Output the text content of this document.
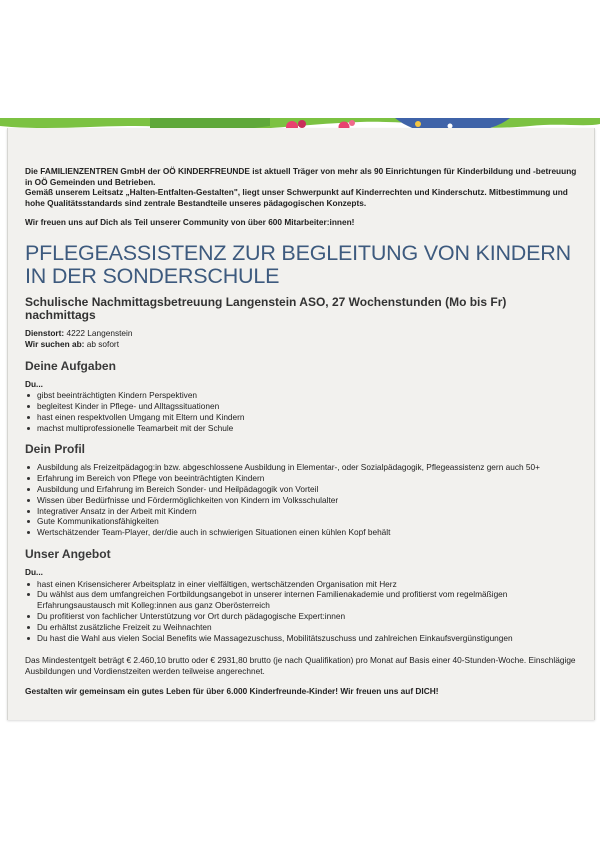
Die FAMILIENZENTREN GmbH der OÖ KINDERFREUNDE ist aktuell Träger von mehr als 90 Einrichtungen für Kinderbildung und -betreuung in OÖ Gemeinden und Betrieben.

Gemäß unserem Leitsatz „Halten-Entfalten-Gestalten", liegt unser Schwerpunkt auf Kinderrechten und Kinderschutz. Mitbestimmung und hohe Qualitätsstandards sind zentrale Bestandteile unseres pädagogischen Konzepts.

Wir freuen uns auf Dich als Teil unserer Community von über 600 Mitarbeiter:innen!

PFLEGEASSISTENZ ZUR BEGLEITUNG VON KINDERN IN DER SONDERSCHULE
Schulische Nachmittagsbetreuung Langenstein ASO, 27 Wochenstunden (Mo bis Fr) nachmittags
Dienstort: 4222 Langenstein
Wir suchen ab: ab sofort
Deine Aufgaben
Du...
gibst beeinträchtigten Kindern Perspektiven
begleitest Kinder in Pflege- und Alltagssituationen
hast einen respektvollen Umgang mit Eltern und Kindern
machst multiprofessionelle Teamarbeit mit der Schule
Dein Profil
Ausbildung als Freizeitpädagog:in bzw. abgeschlossene Ausbildung in Elementar-, oder Sozialpädagogik, Pflegeassistenz gern auch 50+
Erfahrung im Bereich von Pflege von beeinträchtigten Kindern
Ausbildung und Erfahrung im Bereich Sonder- und Heilpädagogik von Vorteil
Wissen über Bedürfnisse und Fördermöglichkeiten von Kindern im Volksschulalter
Integrativer Ansatz in der Arbeit mit Kindern
Gute Kommunikationsfähigkeiten
Wertschätzender Team-Player, der/die auch in schwierigen Situationen einen kühlen Kopf behält
Unser Angebot
Du...
hast einen Krisensicherer Arbeitsplatz in einer vielfältigen, wertschätzenden Organisation mit Herz
Du wählst aus dem umfangreichen Fortbildungsangebot in unserer internen Familienakademie und profitierst vom regelmäßigen Erfahrungsaustausch mit Kolleg:innen aus ganz Oberösterreich
Du profitierst von fachlicher Unterstützung vor Ort durch pädagogische Expert:innen
Du erhältst zusätzliche Freizeit zu Weihnachten
Du hast die Wahl aus vielen Social Benefits wie Massagezuschuss, Mobilitätszuschuss und zahlreichen Einkaufsvergünstigungen
Das Mindestentgelt beträgt € 2.460,10 brutto oder € 2931,80 brutto (je nach Qualifikation) pro Monat auf Basis einer 40-Stunden-Woche. Einschlägige Ausbildungen und Vordienstzeiten werden teilweise angerechnet.
Gestalten wir gemeinsam ein gutes Leben für über 6.000 Kinderfreunde-Kinder! Wir freuen uns auf DICH!
